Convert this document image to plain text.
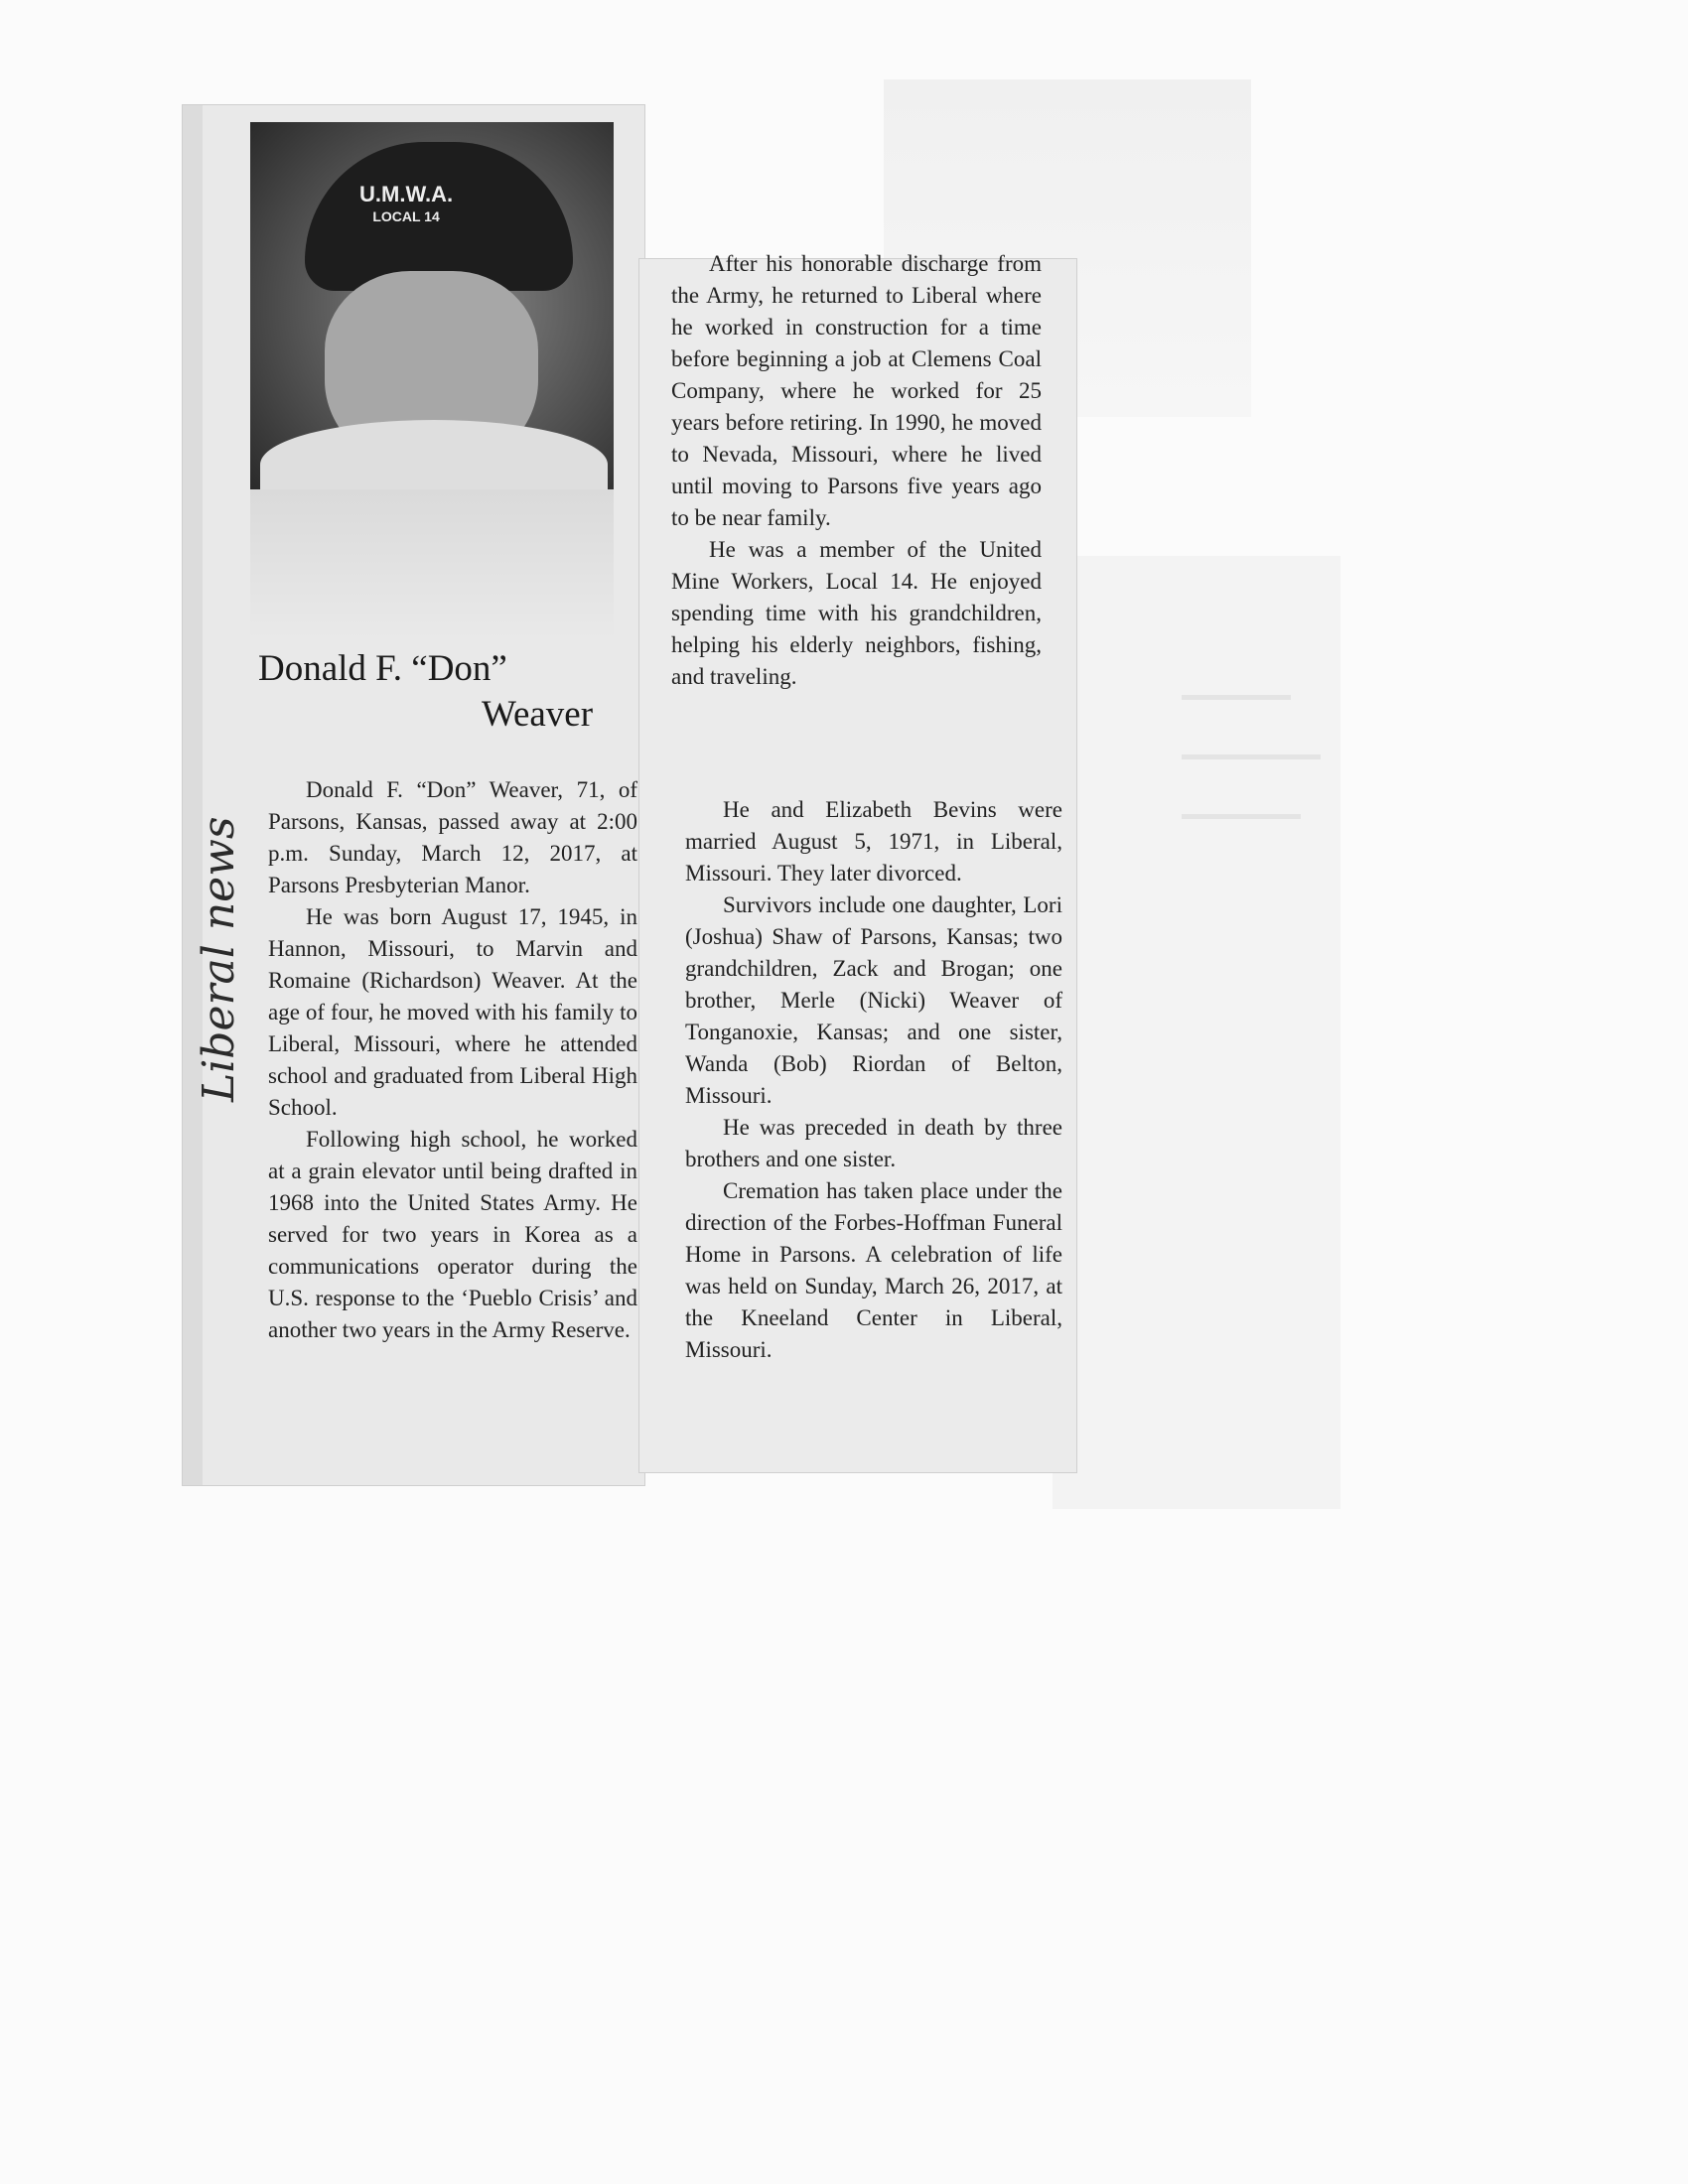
U.M.W.A.
LOCAL 14
Liberal news
Donald F. “Don”
Weaver

Donald F. “Don” Weaver, 71, of Parsons, Kansas, passed away at 2:00 p.m. Sunday, March 12, 2017, at Parsons Presbyterian Manor.

He was born August 17, 1945, in Hannon, Missouri, to Marvin and Romaine (Richardson) Weaver. At the age of four, he moved with his family to Liberal, Missouri, where he attended school and graduated from Liberal High School.

Following high school, he worked at a grain elevator until being drafted in 1968 into the United States Army. He served for two years in Korea as a communications operator during the U.S. response to the ‘Pueblo Crisis’ and another two years in the Army Reserve.

After his honorable discharge from the Army, he returned to Liberal where he worked in construction for a time before beginning a job at Clemens Coal Company, where he worked for 25 years before retiring. In 1990, he moved to Nevada, Missouri, where he lived until moving to Parsons five years ago to be near family.

He was a member of the United Mine Workers, Local 14. He enjoyed spending time with his grandchildren, helping his elderly neighbors, fishing, and traveling.

He and Elizabeth Bevins were married August 5, 1971, in Liberal, Missouri. They later divorced.

Survivors include one daughter, Lori (Joshua) Shaw of Parsons, Kansas; two grandchildren, Zack and Brogan; one brother, Merle (Nicki) Weaver of Tonganoxie, Kansas; and one sister, Wanda (Bob) Riordan of Belton, Missouri.

He was preceded in death by three brothers and one sister.

Cremation has taken place under the direction of the Forbes-Hoffman Funeral Home in Parsons. A celebration of life was held on Sunday, March 26, 2017, at the Kneeland Center in Liberal, Missouri.
